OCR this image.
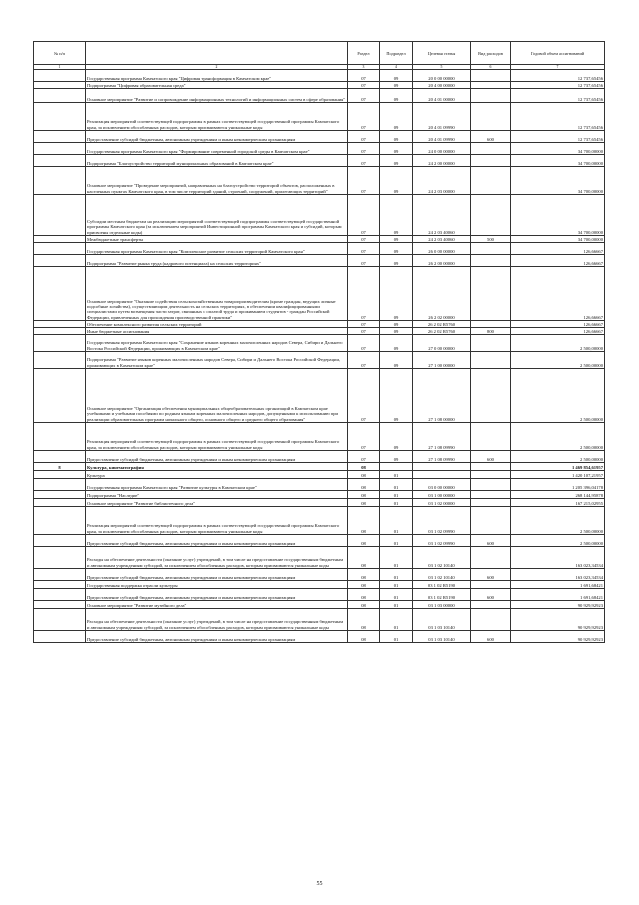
№ п/п		Раздел	Подраздел	Целевая статья	Вид расходов	Годовой объем ассигнований
1	2	3	4	5	6	7
	Государственная программа Камчатского края "Цифровая трансформация в Камчатском крае"	07	09	20 0 00 00000		12 737,65456
	Подпрограмма "Цифровая образовательная среда"	07	09	20 4 00 00000		12 737,65456
	Основное мероприятие "Развитие и сопровождение информационных технологий и информационных систем в сфере образования"	07	09	20 4 01 00000		12 737,65456
	Реализация мероприятий соответствующей подпрограммы в рамках соответствующей государственной программы Камчатского края, за исключением обособленных расходов, которым присваиваются уникальные коды	07	09	20 4 01 09990		12 737,65456
	Предоставление субсидий бюджетным, автономным учреждениям и иным некоммерческим организациям	07	09	20 4 01 09990	600	12 737,65456
	Государственная программа Камчатского края "Формирование современной городской среды в Камчатском крае"	07	09	24 0 00 00000		34 700,00000
	Подпрограмма "Благоустройство территорий муниципальных образований в Камчатском крае"	07	09	24 2 00 00000		34 700,00000
	Основное мероприятие "Проведение мероприятий, направленных на благоустройство территорий объектов, расположенных в населенных пунктах Камчатского края, в том числе территорий зданий, строений, сооружений, прилегающих территорий"	07	09	24 2 03 00000		34 700,00000
	Субсидии местным бюджетам на реализацию мероприятий соответствующей подпрограммы соответствующей государственной программы Камчатского края (за исключением мероприятий Инвестиционной программы Камчатского края и субсидий, которым присвоены отдельные коды)	07	09	24 2 03 40060		34 700,00000
	Межбюджетные трансферты	07	09	24 2 03 40060	500	34 700,00000
	Государственная программа Камчатского края "Комплексное развитие сельских территорий Камчатского края"	07	09	26 0 00 00000		126,66667
	Подпрограмма "Развитие рынка труда (кадрового потенциала) на сельских территориях"	07	09	26 2 00 00000		126,66667
	Основное мероприятие "Оказание содействия сельскохозяйственным товаропроизводителям (кроме граждан, ведущих личные подсобные хозяйства), осуществляющим деятельность на сельских территориях, в обеспечении квалифицированными специалистами путем возмещения части затрат, связанных с оплатой труда и проживанием студентов - граждан Российской Федерации, привлеченных для прохождения производственной практики"	07	09	26 2 02 00000		126,66667
	Обеспечение комплексного развития сельских территорий	07	09	26 2 02 R5760		126,66667
	Иные бюджетные ассигнования	07	09	26 2 02 R5760	800	126,66667
	Государственная программа Камчатского края "Сохранение языков коренных малочисленных народов Севера, Сибири и Дальнего Востока Российской Федерации, проживающих в Камчатском крае"	07	09	27 0 00 00000		2 500,00000
	Подпрограмма "Развитие языков коренных малочисленных народов Севера, Сибири и Дальнего Востока Российской Федерации, проживающих в Камчатском крае"	07	09	27 1 00 00000		2 500,00000
	Основное мероприятие "Организация обеспечения муниципальных общеобразовательных организаций в Камчатском крае учебниками и учебными пособиями по родным языкам коренных малочисленных народов, допущенными к использованию при реализации образовательных программ начального общего, основного общего и среднего общего образования"	07	09	27 1 08 00000		2 500,00000
	Реализация мероприятий соответствующей подпрограммы в рамках соответствующей государственной программы Камчатского края, за исключением обособленных расходов, которым присваиваются уникальные коды	07	09	27 1 08 09990		2 500,00000
	Предоставление субсидий бюджетным, автономным учреждениям и иным некоммерческим организациям	07	09	27 1 08 09990	600	2 500,00000
8	Культура, кинематография	08				1 469 854,61957
	Культура	08	01			1 420 107,21957
	Государственная программа Камчатского края "Развитие культуры в Камчатском крае"	08	01	03 0 00 00000		1 205 396,04178
	Подпрограмма "Наследие"	08	01	03 1 00 00000		268 144,95878
	Основное мероприятие "Развитие библиотечного дела"	08	01	03 1 02 00000		167 215,02955
	Реализация мероприятий соответствующей подпрограммы в рамках соответствующей государственной программы Камчатского края, за исключением обособленных расходов, которым присваиваются уникальные коды	08	01	03 1 02 09990		2 500,00000
	Предоставление субсидий бюджетным, автономным учреждениям и иным некоммерческим организациям	08	01	03 1 02 09990	600	2 500,00000
	Расходы на обеспечение деятельности (оказание услуг) учреждений, в том числе на предоставление государственным бюджетным и автономным учреждениям субсидий, за исключением обособленных расходов, которым присваиваются уникальные коды	08	01	03 1 02 10140		163 023,34534
	Предоставление субсидий бюджетным, автономным учреждениям и иным некоммерческим организациям	08	01	03 1 02 10140	600	163 023,34534
	Государственная поддержка отрасли культуры	08	01	03 1 02 R5190		1 691,68421
	Предоставление субсидий бюджетным, автономным учреждениям и иным некоммерческим организациям	08	01	03 1 02 R5190	600	1 691,68421
	Основное мероприятие "Развитие музейного дела"	08	01	03 1 03 00000		90 929,92923
	Расходы на обеспечение деятельности (оказание услуг) учреждений, в том числе на предоставление государственным бюджетным и автономным учреждениям субсидий, за исключением обособленных расходов, которым присваиваются уникальные коды	08	01	03 1 03 10140		90 929,92923
	Предоставление субсидий бюджетным, автономным учреждениям и иным некоммерческим организациям	08	01	03 1 03 10140	600	90 929,92923
55
